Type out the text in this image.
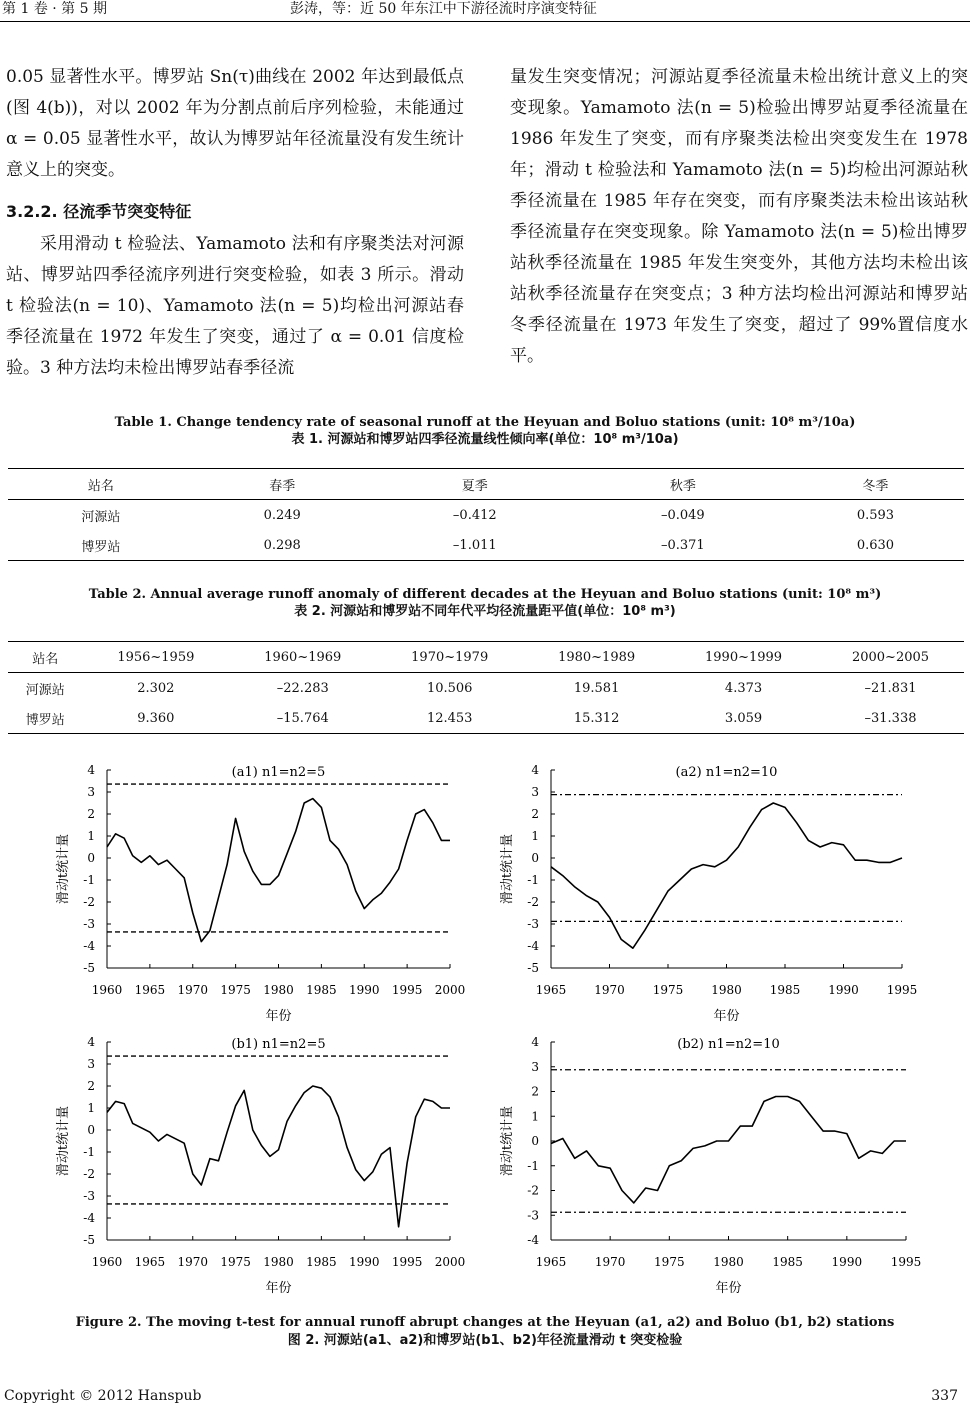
第 1 卷 · 第 5 期	彭涛，等：近 50 年东江中下游径流时序演变特征

0.05 显著性水平。博罗站 Sn(τ)曲线在 2002 年达到最低点(图 4(b))，对以 2002 年为分割点前后序列检验，未能通过 α = 0.05 显著性水平，故认为博罗站年径流量没有发生统计意义上的突变。

3.2.2. 径流季节突变特征

采用滑动 t 检验法、Yamamoto 法和有序聚类法对河源站、博罗站四季径流序列进行突变检验，如表 3 所示。滑动 t 检验法(n = 10)、Yamamoto 法(n = 5)均检出河源站春季径流量在 1972 年发生了突变，通过了 α = 0.01 信度检验。3 种方法均未检出博罗站春季径流

量发生突变情况；河源站夏季径流量未检出统计意义上的突变现象。Yamamoto 法(n = 5)检验出博罗站夏季径流量在 1986 年发生了突变，而有序聚类法检出突变发生在 1978 年；滑动 t 检验法和 Yamamoto 法(n = 5)均检出河源站秋季径流量在 1985 年存在突变，而有序聚类法未检出该站秋季径流量存在突变现象。除 Yamamoto 法(n = 5)检出博罗站秋季径流量在 1985 年发生突变外，其他方法均未检出该站秋季径流量存在突变点；3 种方法均检出河源站和博罗站冬季径流量在 1973 年发生了突变，超过了 99%置信度水平。

Table 1. Change tendency rate of seasonal runoff at the Heyuan and Boluo stations (unit: 10⁸ m³/10a)
表 1. 河源站和博罗站四季径流量线性倾向率(单位：10⁸ m³/10a)
站名	春季	夏季	秋季	冬季
河源站	0.249	–0.412	–0.049	0.593
博罗站	0.298	–1.011	–0.371	0.630
Table 2. Annual average runoff anomaly of different decades at the Heyuan and Boluo stations (unit: 10⁸ m³)
表 2. 河源站和博罗站不同年代平均径流量距平值(单位：10⁸ m³)
站名	1956~1959	1960~1969	1970~1979	1980~1989	1990~1999	2000~2005
河源站	2.302	–22.283	10.506	19.581	4.373	–21.831
博罗站	9.360	–15.764	12.453	15.312	3.059	–31.338
4
3
2
1
0
-1
-2
-3
-4
-5
1960 1965 1970 1975 1980 1985 1990 1995 2000
(a1) n1=n2=5
年份
滑动t统计量
4
3
2
1
0
-1
-2
-3
-4
-5
1965 1970 1975 1980 1985 1990 1995
(a2) n1=n2=10
年份
滑动t统计量
4
3
2
1
0
-1
-2
-3
-4
-5
1960 1965 1970 1975 1980 1985 1990 1995 2000
(b1) n1=n2=5
年份
滑动t统计量
4
3
2
1
0
-1
-2
-3
-4
1965 1970 1975 1980 1985 1990 1995
(b2) n1=n2=10
年份
滑动t统计量
Figure 2. The moving t-test for annual runoff abrupt changes at the Heyuan (a1, a2) and Boluo (b1, b2) stations
图 2. 河源站(a1、a2)和博罗站(b1、b2)年径流量滑动 t 突变检验
Copyright © 2012 Hanspub	337
